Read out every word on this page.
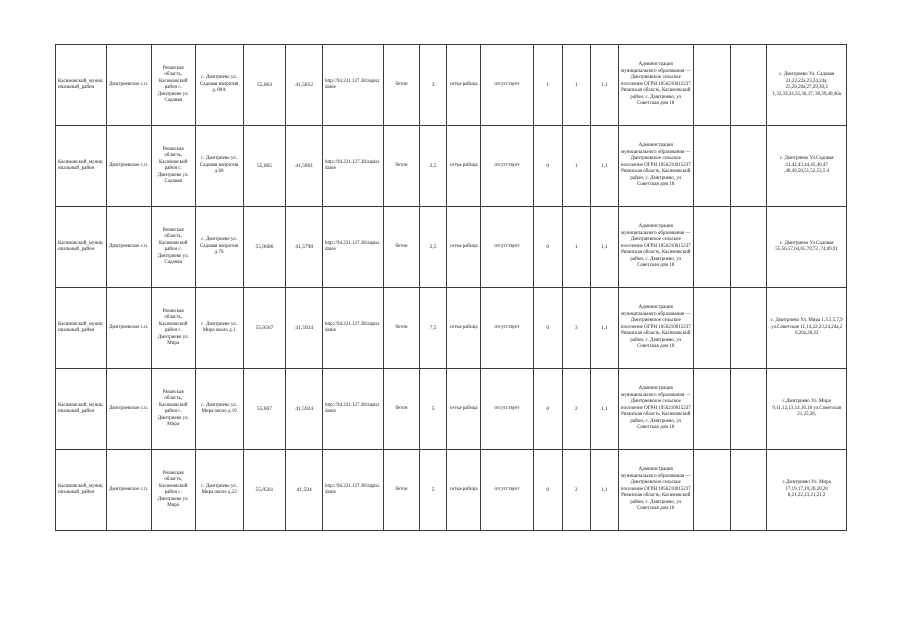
Касимовский_муниципальный_район	Дмитриевское с.п.	Рязанская область, Касимовский район с. Дмитриево ул. Садовая	с. Дмитриево ул. Садовая напротив д. 80А	55,063	41,5812	http://94.231.127.38/zapiszdanie	бетон	3	сетка-рабица	отсутствует	1	1	1,1	Администрация муниципального образования — Дмитриевское сельское поселение ОГРН 1056210015237 Рязанская область, Касимовский район, с. Дмитриево, ул Советская дом 18			с. Дмитриево Ул. Садовая 21,22,22а,23,24,24а, 25,26,26а,27,29,30,3 1,32,33,34,35,36,37, 38,39,40,40а
Касимовский_муниципальный_район	Дмитриевское с.п.	Рязанская область, Касимовский район с. Дмитриево ул. Садовая	с. Дмитриево ул. Садовая напротив д.60	55,065	41,5801	http://94.231.127.38/zapiszdanie	бетон	2,5	сетка-рабица	отсутствует	0	1	1,1	Администрация муниципального образования — Дмитриевское сельское поселение ОГРН 1056210015237 Рязанская область, Касимовский район, с. Дмитриево, ул Советская дом 18			с. Дмитриево Ул.Садовая 41,42,43,44,45,46,47 ,48,49,50,51,52,53,5 4
Касимовский_муниципальный_район	Дмитриевское с.п.	Рязанская область, Касимовский район с. Дмитриево ул. Садовая	с. Дмитриево ул. Садовая напротив д.76	55,0686	41,5790	http://94.231.127.38/zapiszdanie	бетон	2,5	сетка-рабица	отсутствует	0	1	1,1	Администрация муниципального образования — Дмитриевское сельское поселение ОГРН 1056210015237 Рязанская область, Касимовский район, с. Дмитриево, ул Советская дом 18			с. Дмитриево Ул.Садовая 55,56,57,64,65,70,72 ,74,89,91
Касимовский_муниципальный_район	Дмитриевское с.п.	Рязанская область, Касимовский район с. Дмитриево ул. Мира	с. Дмитриево ул. Мира около д.1	55,0567	41,5924	http://94.231.127.38/zapiszdanie	бетон	7,5	сетка-рабица	отсутствует	0	3	1,1	Администрация муниципального образования — Дмитриевское сельское поселение ОГРН 1056210015237 Рязанская область, Касимовский район, с. Дмитриево, ул Советская дом 18			с. Дмитриево Ул. Мира 1,3,5,5,7,9 ул.Советская 11,14,22,23,24,24а,2 6,26а,28,32
Касимовский_муниципальный_район	Дмитриевское с.п.	Рязанская область, Касимовский район с. Дмитриево ул. Мира	с. Дмитриево ул. Мира около д.19	55,067	41,5924	http://94.231.127.38/zapiszdanie	бетон	5	сетка-рабица	отсутствует	0	2	1,1	Администрация муниципального образования — Дмитриевское сельское поселение ОГРН 1056210015237 Рязанская область, Касимовский район, с. Дмитриево, ул Советская дом 18			с.Дмитриево Ул. Мира 9,11,12,13,14,16,18 ул.Советская 21,25,36,
Касимовский_муниципальный_район	Дмитриевское с.п.	Рязанская область, Касимовский район с. Дмитриево ул. Мира	с. Дмитриево ул. Мира около д.22	55,0561	41,594	http://94.231.127.38/zapiszdanie	бетон	5	сетка-рабица	отсутствует	0	2	1,1	Администрация муниципального образования — Дмитриевское сельское поселение ОГРН 1056210015237 Рязанская область, Касимовский район, с. Дмитриево, ул Советская дом 18			с.Дмитриево Ул. Мира 17,19,17,19,20,20,20 8,21,22,23,21,21,2
